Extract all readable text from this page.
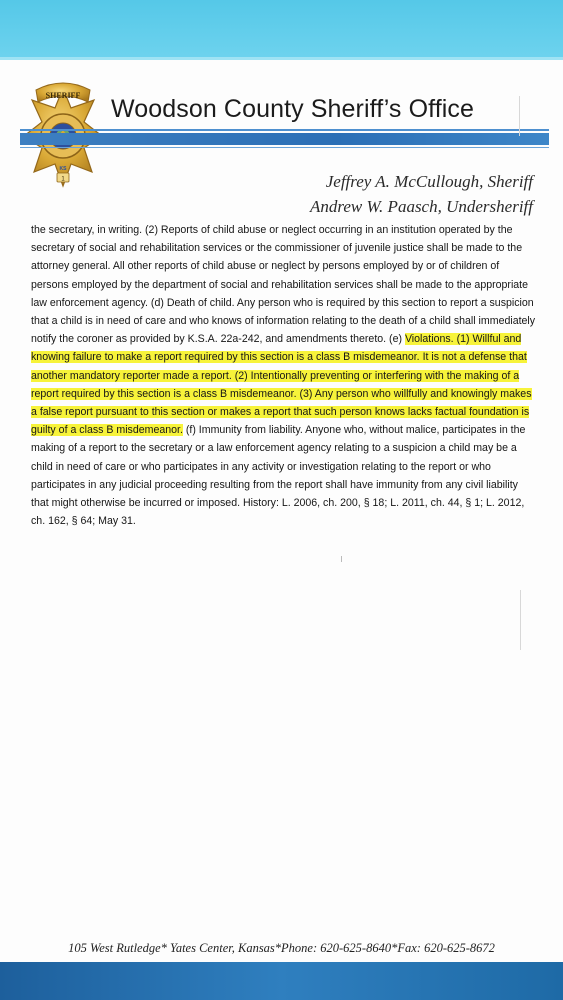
SHERIFF
KS
1
Woodson County Sheriff’s Office
Jeffrey A. McCullough, Sheriff
Andrew W. Paasch, Undersheriff
the secretary, in writing. (2) Reports of child abuse or neglect occurring in an institution operated by the secretary of social and rehabilitation services or the commissioner of juvenile justice shall be made to the attorney general. All other reports of child abuse or neglect by persons employed by or of children of persons employed by the department of social and rehabilitation services shall be made to the appropriate law enforcement agency. (d) Death of child. Any person who is required by this section to report a suspicion that a child is in need of care and who knows of information relating to the death of a child shall immediately notify the coroner as provided by K.S.A. 22a-242, and amendments thereto. (e) Violations. (1) Willful and knowing failure to make a report required by this section is a class B misdemeanor. It is not a defense that another mandatory reporter made a report. (2) Intentionally preventing or interfering with the making of a report required by this section is a class B misdemeanor. (3) Any person who willfully and knowingly makes a false report pursuant to this section or makes a report that such person knows lacks factual foundation is guilty of a class B misdemeanor. (f) Immunity from liability. Anyone who, without malice, participates in the making of a report to the secretary or a law enforcement agency relating to a suspicion a child may be a child in need of care or who participates in any activity or investigation relating to the report or who participates in any judicial proceeding resulting from the report shall have immunity from any civil liability that might otherwise be incurred or imposed. History: L. 2006, ch. 200, § 18; L. 2011, ch. 44, § 1; L. 2012, ch. 162, § 64; May 31.
105 West Rutledge* Yates Center, Kansas*Phone: 620-625-8640*Fax: 620-625-8672
